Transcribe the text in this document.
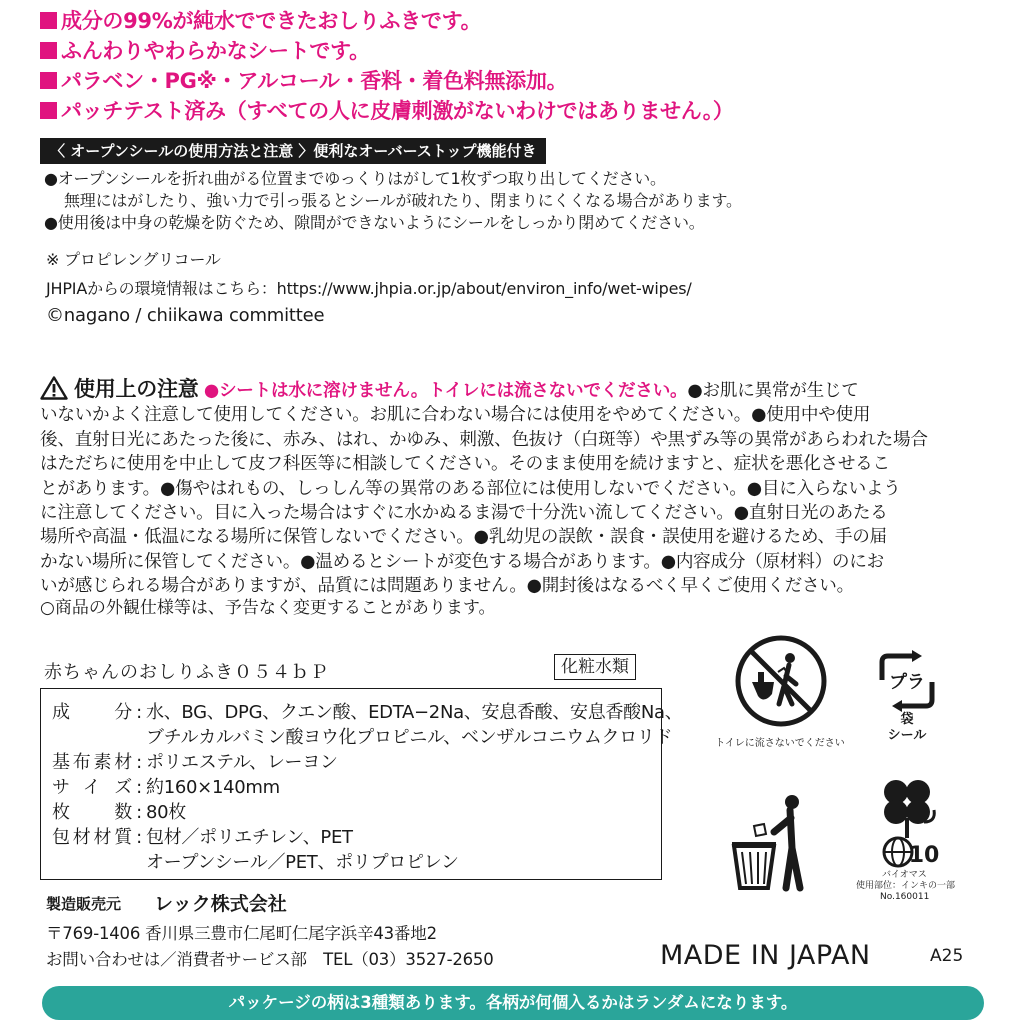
成分の99%が純水でできたおしりふきです。
ふんわりやわらかなシートです。
パラベン・PG※・アルコール・香料・着色料無添加。
パッチテスト済み（すべての人に皮膚刺激がないわけではありません。）
〈 オープンシールの使用方法と注意 〉便利なオーバーストップ機能付き
●オープンシールを折れ曲がる位置までゆっくりはがして1枚ずつ取り出してください。
無理にはがしたり、強い力で引っ張るとシールが破れたり、閉まりにくくなる場合があります。
●使用後は中身の乾燥を防ぐため、隙間ができないようにシールをしっかり閉めてください。
※ プロピレングリコール
JHPIAからの環境情報はこちら：https://www.jhpia.or.jp/about/environ_info/wet-wipes/
©nagano / chiikawa committee
使用上の注意 ●シートは水に溶けません。トイレには流さないでください。●お肌に異常が生じて
いないかよく注意して使用してください。お肌に合わない場合には使用をやめてください。●使用中や使用
後、直射日光にあたった後に、赤み、はれ、かゆみ、刺激、色抜け（白斑等）や黒ずみ等の異常があらわれた場合
はただちに使用を中止して皮フ科医等に相談してください。そのまま使用を続けますと、症状を悪化させるこ
とがあります。●傷やはれもの、しっしん等の異常のある部位には使用しないでください。●目に入らないよう
に注意してください。目に入った場合はすぐに水かぬるま湯で十分洗い流してください。●直射日光のあたる
場所や高温・低温になる場所に保管しないでください。●乳幼児の誤飲・誤食・誤使用を避けるため、手の届
かない場所に保管してください。●温めるとシートが変色する場合があります。●内容成分（原材料）のにお
いが感じられる場合がありますが、品質には問題ありません。●開封後はなるべく早くご使用ください。
○商品の外観仕様等は、予告なく変更することがあります。
赤ちゃんのおしりふき０５４ｂＰ	化粧水類
成分 : 水、BG、DPG、クエン酸、EDTA−2Na、安息香酸、安息香酸Na、
ブチルカルバミン酸ヨウ化プロピニル、ベンザルコニウムクロリド
基布素材 : ポリエステル、レーヨン
サイズ : 約160×140mm
枚数 : 80枚
包材材質 : 包材／ポリエチレン、PET
オープンシール／PET、ポリプロピレン
トイレに流さないでください
プラ
袋
シール
10
バイオマス
使用部位：インキの一部
No.160011
製造販売元 レック株式会社
〒769-1406 香川県三豊市仁尾町仁尾字浜辛43番地2
お問い合わせは／消費者サービス部　TEL（03）3527-2650	MADE IN JAPAN	A25
パッケージの柄は3種類あります。各柄が何個入るかはランダムになります。
